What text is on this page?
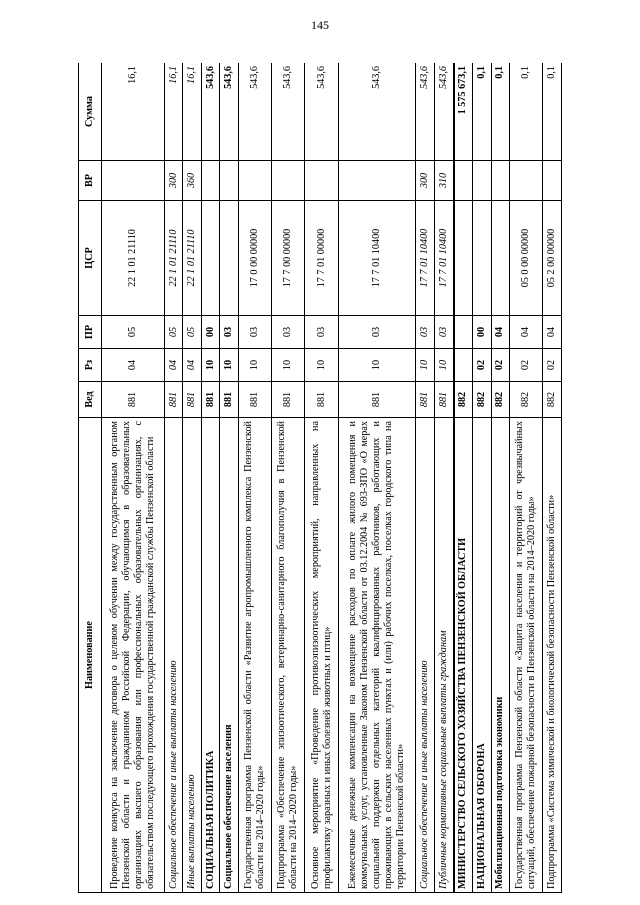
145
Наименование	Вед	Рз	ПР	ЦСР	ВР	Сумма
Проведение конкурса на заключение договора о целевом обучении между государственным органом Пензенской области и гражданином Российской Федерации, обучающимся в образовательных организациях высшего образования или профессиональных образовательных организациях, с обязательством последующего прохождения государственной гражданской службы Пензенской области	881	04	05	22 1 01 21110		16,1
Социальное обеспечение и иные выплаты населению	881	04	05	22 1 01 21110	300	16,1
Иные выплаты населению	881	04	05	22 1 01 21110	360	16,1
СОЦИАЛЬНАЯ ПОЛИТИКА	881	10	00			543,6
Социальное обеспечение населения	881	10	03			543,6
Государственная программа Пензенской области «Развитие агропромышленного комплекса Пензенской области на 2014–2020 годы»	881	10	03	17 0 00 00000		543,6
Подпрограмма «Обеспечение эпизоотического, ветеринарно-санитарного благополучия в Пензенской области на 2014–2020 годы»	881	10	03	17 7 00 00000		543,6
Основное мероприятие «Проведение противоэпизоотических мероприятий, направленных на профилактику заразных и иных болезней животных и птиц»	881	10	03	17 7 01 00000		543,6
Ежемесячные денежные компенсации на возмещение расходов по оплате жилого помещения и коммунальных услуг, установленные Законом Пензенской области от 03.12.2004 № 693-ЗПО «О мерах социальной поддержки отдельных категорий квалифицированных работников, работающих и проживающих в сельских населенных пунктах и (или) рабочих поселках, поселках городского типа на территории Пензенской области»	881	10	03	17 7 01 10400		543,6
Социальное обеспечение и иные выплаты населению	881	10	03	17 7 01 10400	300	543,6
Публичные нормативные социальные выплаты гражданам	881	10	03	17 7 01 10400	310	543,6
МИНИСТЕРСТВО СЕЛЬСКОГО ХОЗЯЙСТВА ПЕНЗЕНСКОЙ ОБЛАСТИ	882					1 575 673,1
НАЦИОНАЛЬНАЯ ОБОРОНА	882	02	00			0,1
Мобилизационная подготовка экономики	882	02	04			0,1
Государственная программа Пензенской области «Защита населения и территорий от чрезвычайных ситуаций, обеспечение пожарной безопасности в Пензенской области на 2014–2020 годы»	882	02	04	05 0 00 00000		0,1
Подпрограмма «Система химической и биологической безопасности Пензенской области»	882	02	04	05 2 00 00000		0,1
